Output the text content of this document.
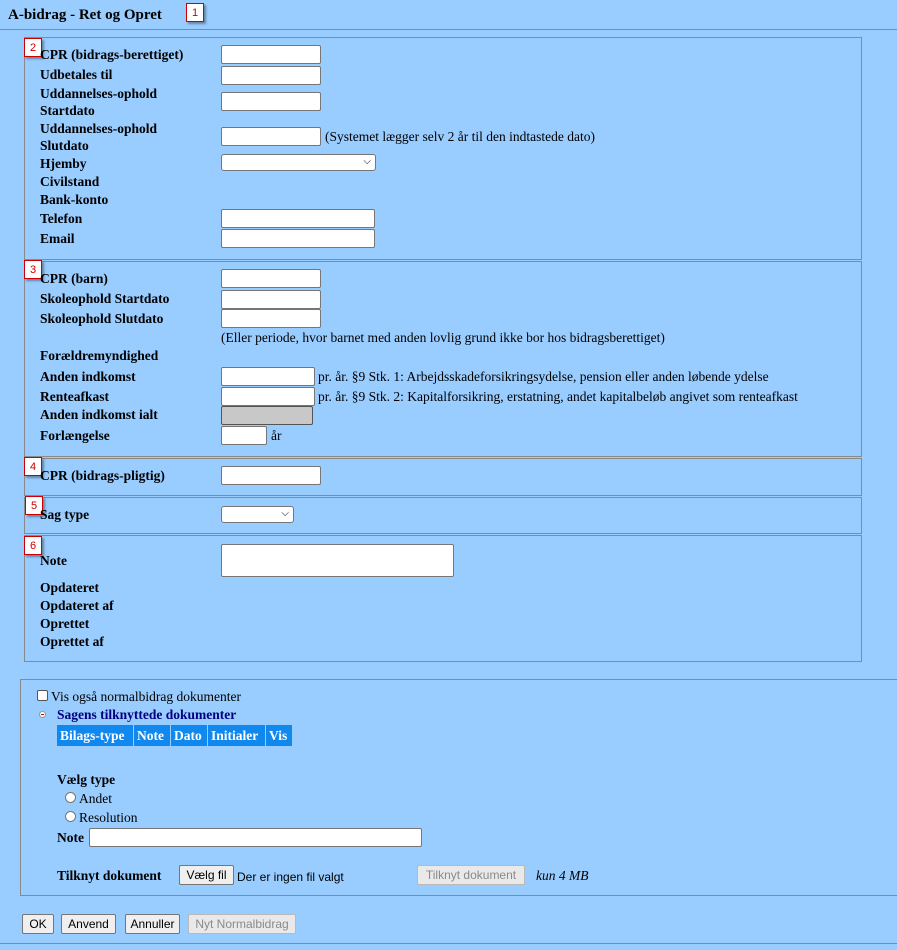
A-bidrag - Ret og Opret	1
2 CPR (bidrags-berettiget)
Udbetales til
Uddannelses-ophold
Startdato
Uddannelses-ophold
Slutdato
(Systemet lægger selv 2 år til den indtastede dato)
Hjemby	⌵
Civilstand
Bank-konto
Telefon
Email
3
CPR (barn)
Skoleophold Startdato
Skoleophold Slutdato
(Eller periode, hvor barnet med anden lovlig grund ikke bor hos bidragsberettiget)
Forældremyndighed
Anden indkomst	pr. år. §9 Stk. 1: Arbejdsskadeforsikringsydelse, pension eller anden løbende ydelse
Renteafkast	pr. år. §9 Stk. 2: Kapitalforsikring, erstatning, andet kapitalbeløb angivet som renteafkast
Anden indkomst ialt
Forlængelse	år
4
CPR (bidrags-pligtig)
5
Sag type	⌵
6
Note
Opdateret
Opdateret af
Oprettet
Oprettet af
Vis også normalbidrag dokumenter
Sagens tilknyttede dokumenter
Bilags-type Note Dato Initialer Vis
Vælg type
Andet
Resolution
Note
Tilknyt dokument	Vælg fil Der er ingen fil valgt	Tilknyt dokument	kun 4 MB
OK	Anvend	Annuller	Nyt Normalbidrag
